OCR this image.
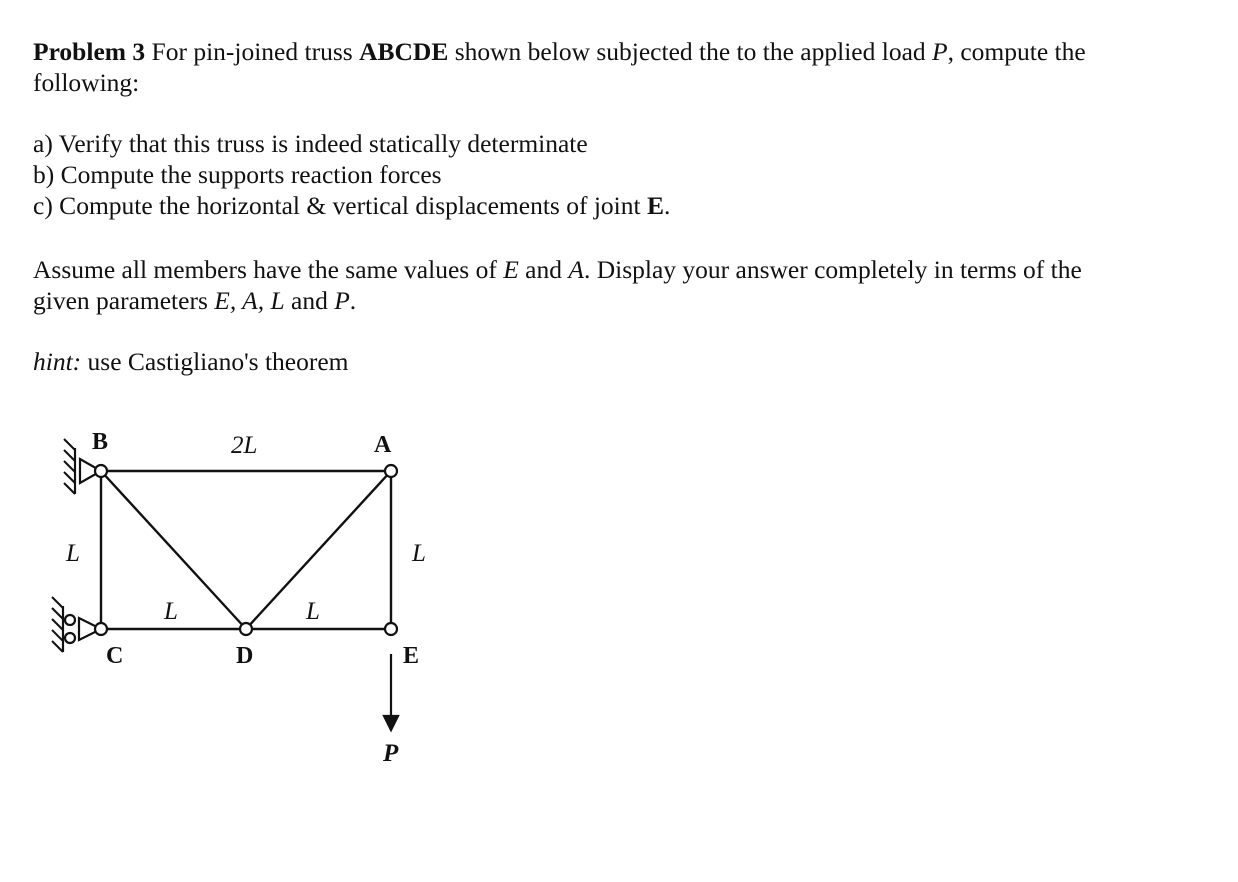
Problem 3 For pin-joined truss ABCDE shown below subjected the to the applied load P, compute the
following:
a) Verify that this truss is indeed statically determinate
b) Compute the supports reaction forces
c) Compute the horizontal & vertical displacements of joint E.
Assume all members have the same values of E and A. Display your answer completely in terms of the
given parameters E, A, L and P.
hint: use Castigliano's theorem
B	A
C	D	E
2L
L	L
L	L
P
